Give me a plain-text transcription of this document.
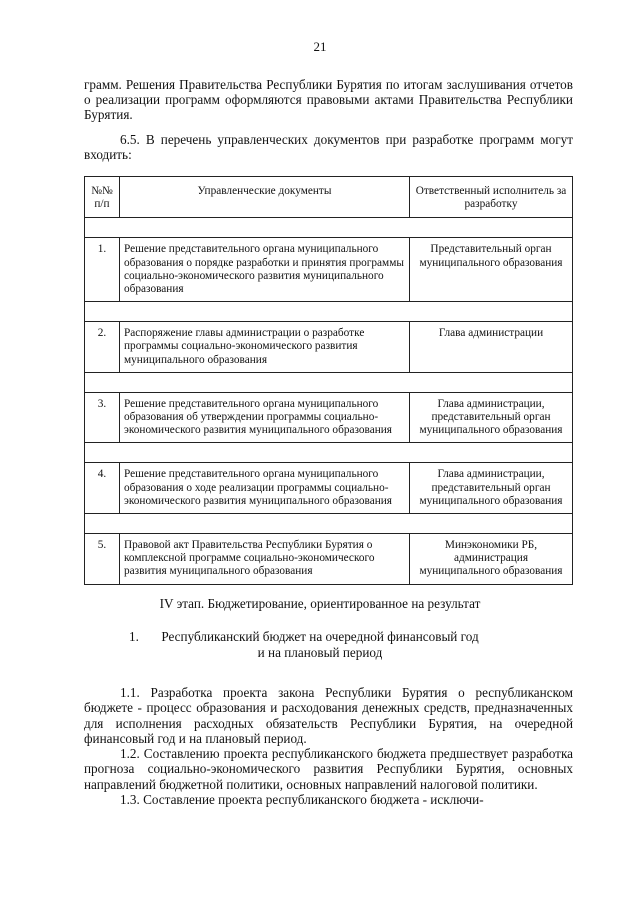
21

грамм. Решения Правительства Республики Бурятия по итогам заслушивания отчетов о реализации программ оформляются правовыми актами Правительства Республики Бурятия.

6.5. В перечень управленческих документов при разработке программ могут входить:

№№ п/п	Управленческие документы	Ответственный исполнитель за разработку

1.	Решение представительного органа муниципального образования о порядке разработки и принятия программы социально-экономического развития муниципального образования	Представительный орган муниципального образования

2.	Распоряжение главы администрации о разработке программы социально-экономического развития муниципального образования	Глава администрации

3.	Решение представительного органа муниципального образования об утверждении программы социально-экономического развития муниципального образования	Глава администрации, представительный орган муниципального образования

4.	Решение представительного органа муниципального образования о ходе реализации программы социально-экономического развития муниципального образования	Глава администрации, представительный орган муниципального образования

5.	Правовой акт Правительства Республики Бурятия о комплексной программе социально-экономического развития муниципального образования	Минэкономики РБ, администрация муниципального образования
IV этап. Бюджетирование, ориентированное на результат
1.	Республиканский бюджет на очередной финансовый год
и на плановый период

1.1. Разработка проекта закона Республики Бурятия о республиканском бюджете - процесс образования и расходования денежных средств, предназначенных для исполнения расходных обязательств Республики Бурятия, на очередной финансовый год и на плановый период.

1.2. Составлению проекта республиканского бюджета предшествует разработка прогноза социально-экономического развития Республики Бурятия, основных направлений бюджетной политики, основных направлений налоговой политики.

1.3. Составление проекта республиканского бюджета - исключи-
